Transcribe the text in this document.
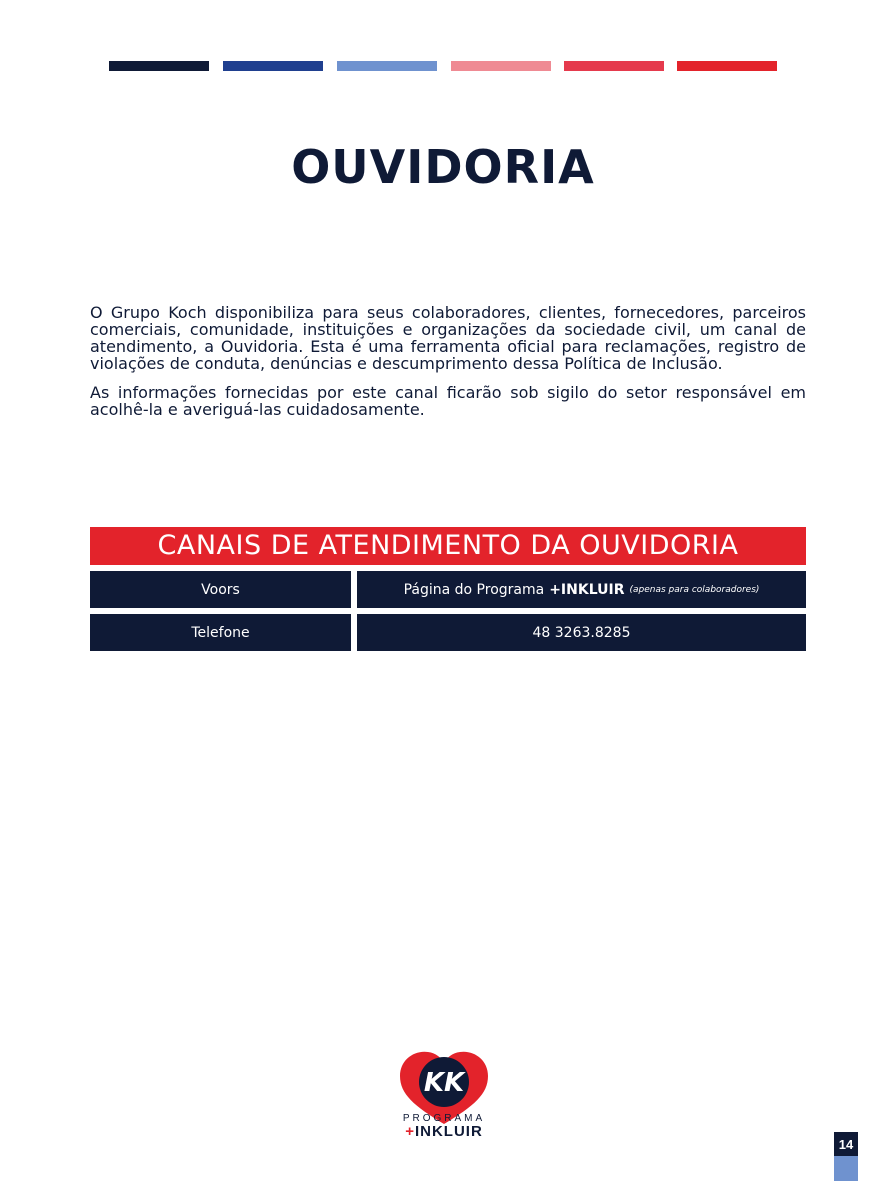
OUVIDORIA

O Grupo Koch disponibiliza para seus colaboradores, clientes, fornecedores, parceiros comerciais, comunidade, instituições e organizações da sociedade civil, um canal de atendimento, a Ouvidoria. Esta é uma ferramenta oficial para reclamações, registro de violações de conduta, denúncias e descumprimento dessa Política de Inclusão.

As informações fornecidas por este canal ficarão sob sigilo do setor responsável em acolhê-la e averiguá-las cuidadosamente.

CANAIS DE ATENDIMENTO DA OUVIDORIA
Voors	Página do Programa +INKLUIR (apenas para colaboradores)
Telefone	48 3263.8285
KK
PROGRAMA
+INKLUIR
14
